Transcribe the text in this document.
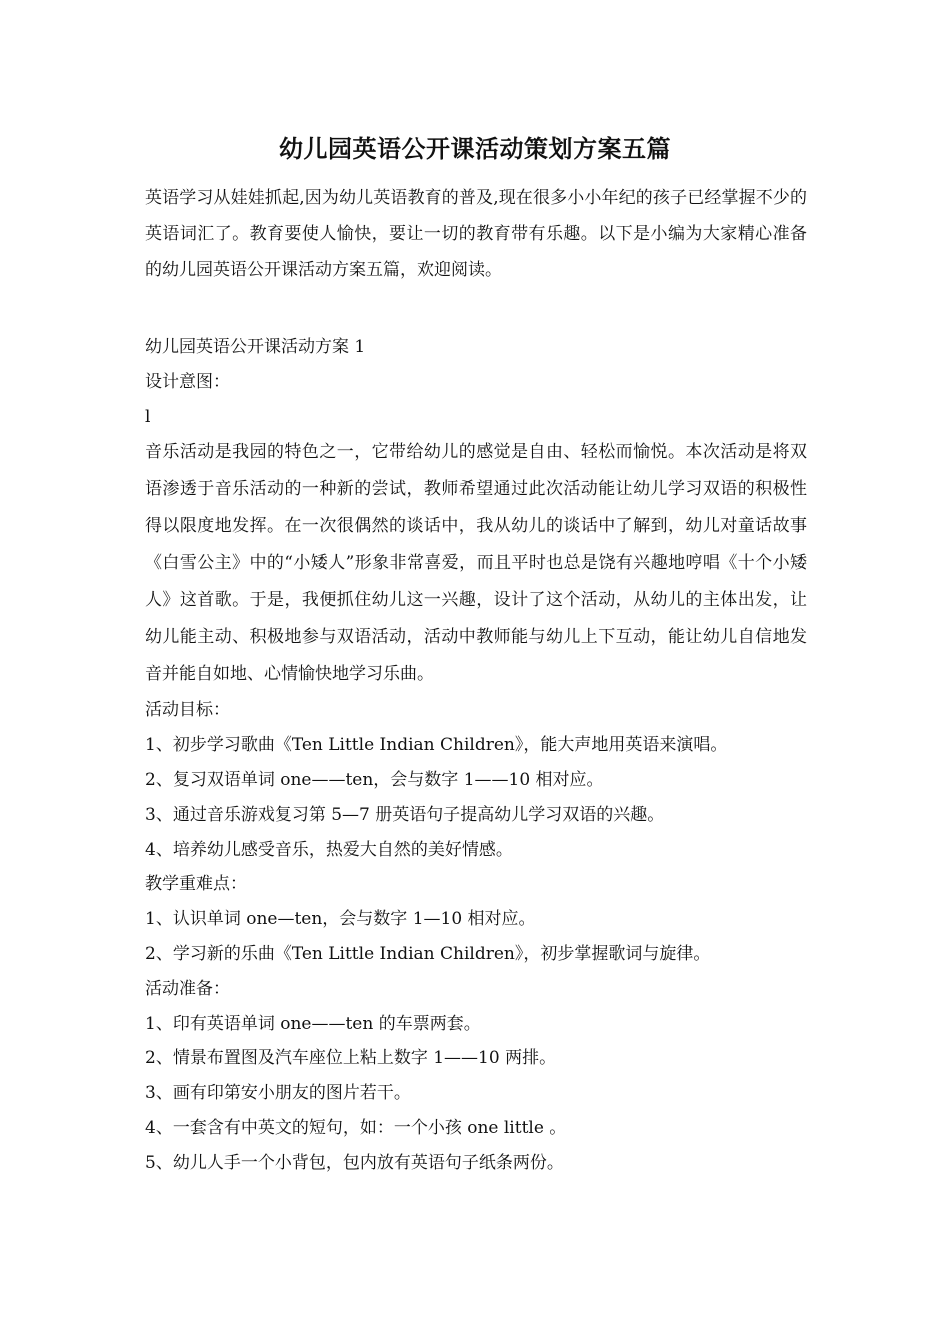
幼儿园英语公开课活动策划方案五篇

英语学习从娃娃抓起,因为幼儿英语教育的普及,现在很多小小年纪的孩子已经掌握不少的英语词汇了。教育要使人愉快，要让一切的教育带有乐趣。以下是小编为大家精心准备的幼儿园英语公开课活动方案五篇，欢迎阅读。

幼儿园英语公开课活动方案 1

设计意图：

l

音乐活动是我园的特色之一，它带给幼儿的感觉是自由、轻松而愉悦。本次活动是将双语渗透于音乐活动的一种新的尝试，教师希望通过此次活动能让幼儿学习双语的积极性得以限度地发挥。在一次很偶然的谈话中，我从幼儿的谈话中了解到，幼儿对童话故事《白雪公主》中的“小矮人”形象非常喜爱，而且平时也总是饶有兴趣地哼唱《十个小矮人》这首歌。于是，我便抓住幼儿这一兴趣，设计了这个活动，从幼儿的主体出发，让幼儿能主动、积极地参与双语活动，活动中教师能与幼儿上下互动，能让幼儿自信地发音并能自如地、心情愉快地学习乐曲。

活动目标：

1、初步学习歌曲《Ten Little Indian Children》，能大声地用英语来演唱。

2、复习双语单词 one——ten，会与数字 1——10 相对应。

3、通过音乐游戏复习第 5—7 册英语句子提高幼儿学习双语的兴趣。

4、培养幼儿感受音乐，热爱大自然的美好情感。

教学重难点：

1、认识单词 one—ten，会与数字 1—10 相对应。

2、学习新的乐曲《Ten Little Indian Children》，初步掌握歌词与旋律。

活动准备：

1、印有英语单词 one——ten 的车票两套。

2、情景布置图及汽车座位上粘上数字 1——10 两排。

3、画有印第安小朋友的图片若干。

4、一套含有中英文的短句，如：一个小孩 one little 。

5、幼儿人手一个小背包，包内放有英语句子纸条两份。
